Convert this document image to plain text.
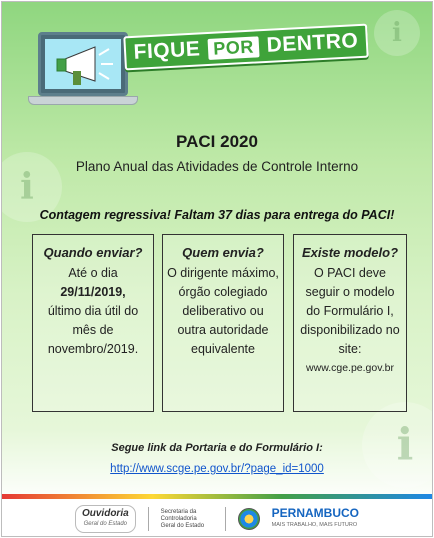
i
i
i
FIQUE POR DENTRO
PACI 2020
Plano Anual das Atividades de Controle Interno
Contagem regressiva! Faltam 37 dias para entrega do PACI!
Quando enviar?
Até o dia
29/11/2019,
último dia útil do mês de novembro/2019.
Quem envia?
O dirigente máximo, órgão colegiado deliberativo ou outra autoridade equivalente
Existe modelo?
O PACI deve seguir o modelo do Formulário I, disponibilizado no site:
www.cge.pe.gov.br
Segue link da Portaria e do Formulário I:
http://www.scge.pe.gov.br/?page_id=1000
Ouvidoria
Geral do Estado
Secretaria da Controladoria Geral do Estado
PERNAMBUCO
MAIS TRABALHO, MAIS FUTURO
